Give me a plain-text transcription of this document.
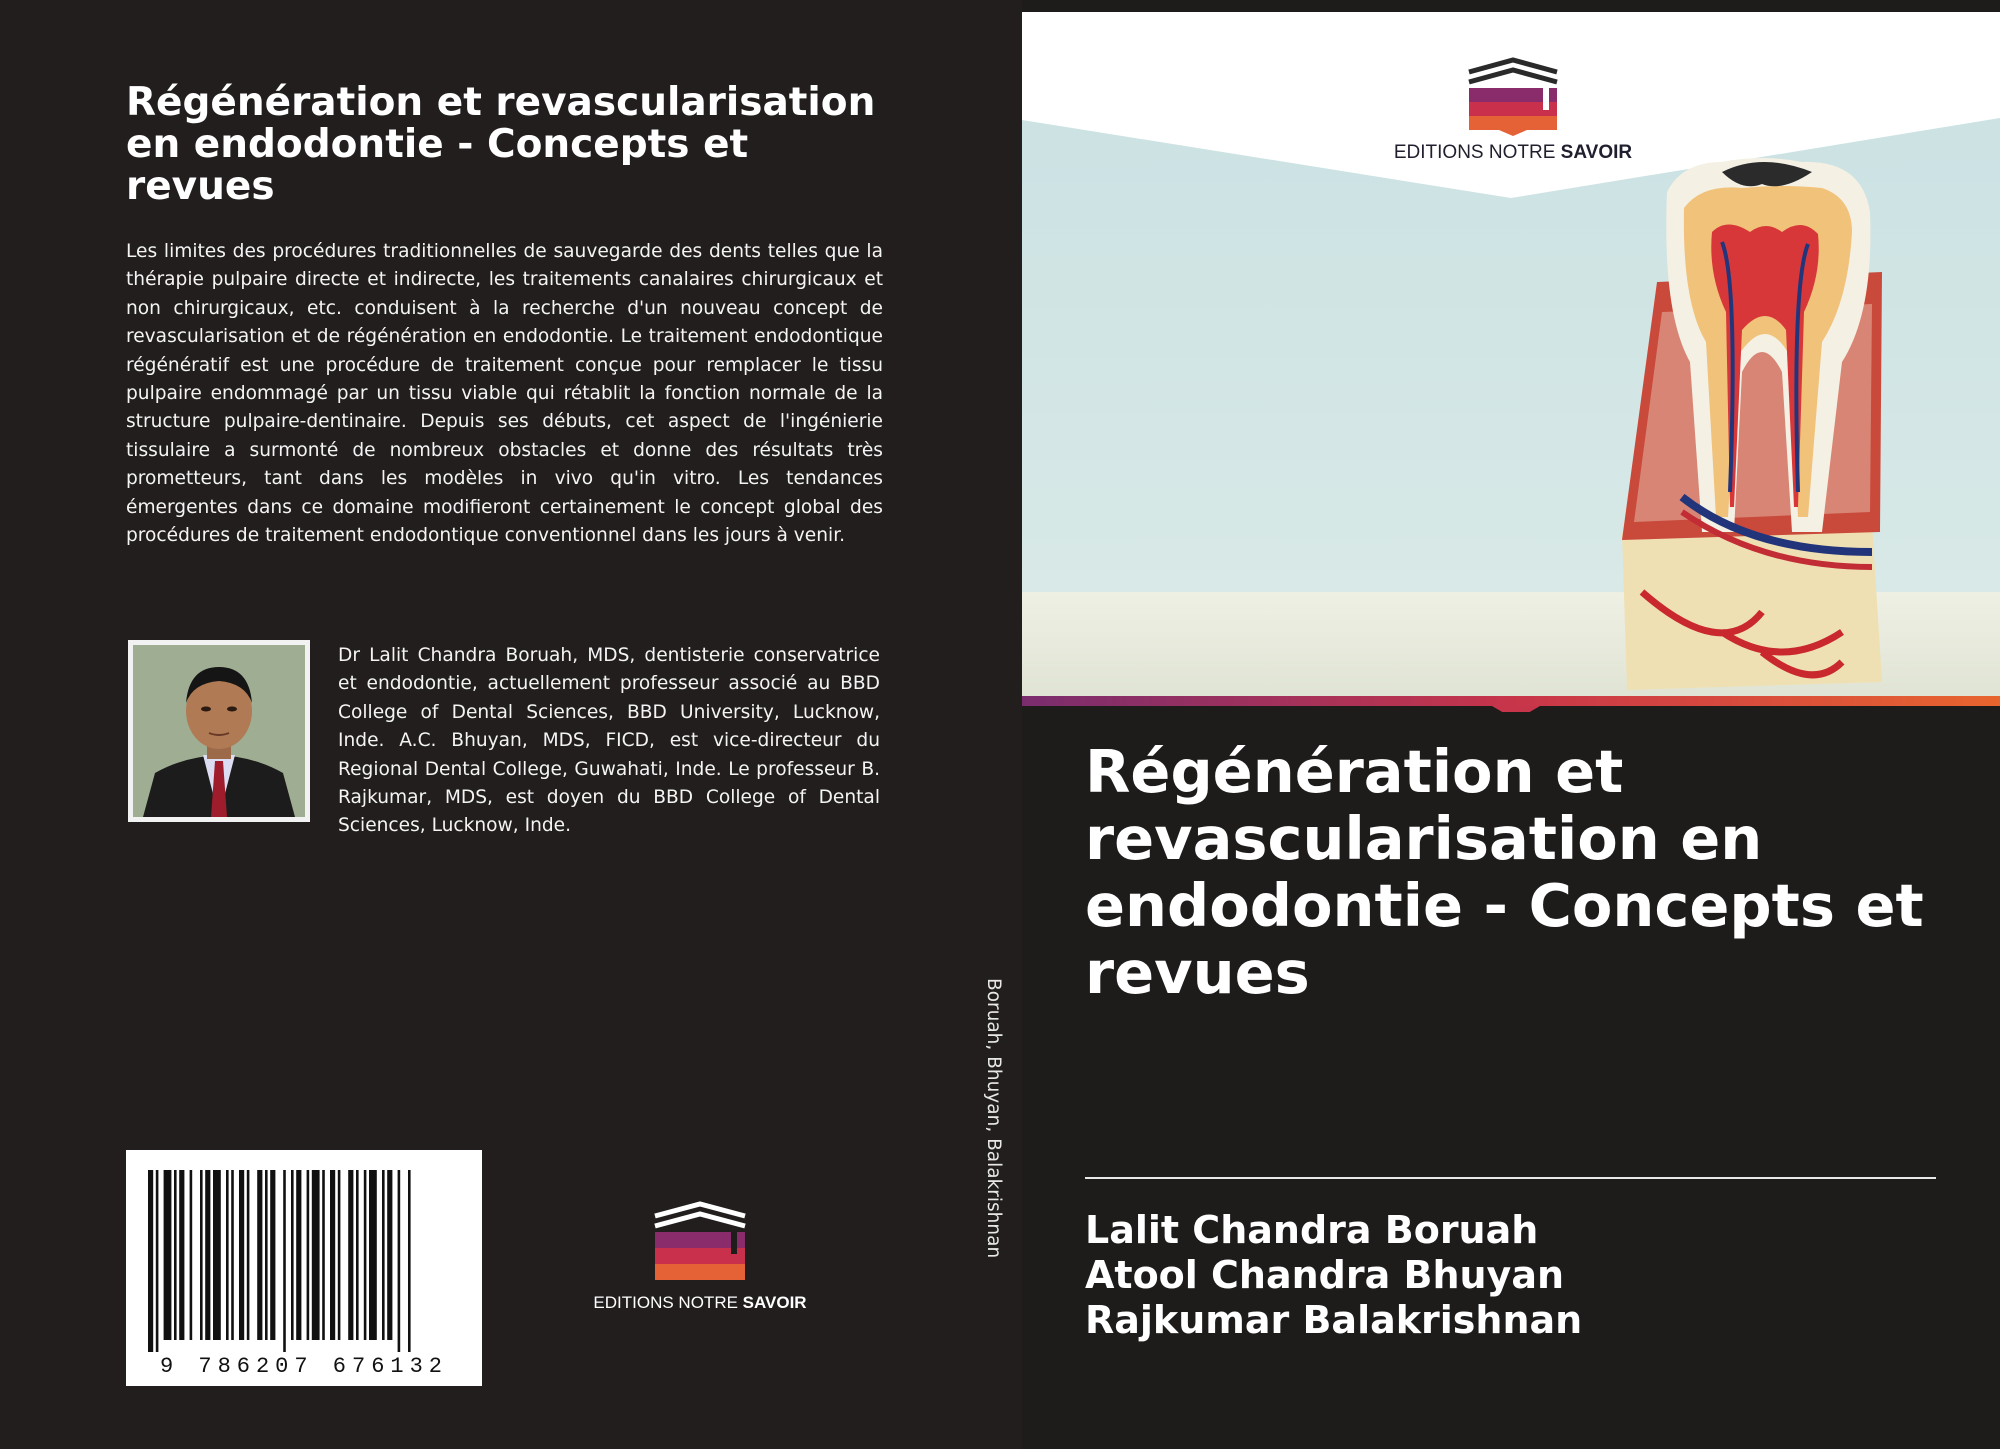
Régénération et revascularisation en endodontie - Concepts et revues

Les limites des procédures traditionnelles de sauvegarde des dents telles que la thérapie pulpaire directe et indirecte, les traitements canalaires chirurgicaux et non chirurgicaux, etc. conduisent à la recherche d'un nouveau concept de revascularisation et de régénération en endodontie. Le traitement endodontique régénératif est une procédure de traitement conçue pour remplacer le tissu pulpaire endommagé par un tissu viable qui rétablit la fonction normale de la structure pulpaire-dentinaire. Depuis ses débuts, cet aspect de l'ingénierie tissulaire a surmonté de nombreux obstacles et donne des résultats très prometteurs, tant dans les modèles in vivo qu'in vitro. Les tendances émergentes dans ce domaine modifieront certainement le concept global des procédures de traitement endodontique conventionnel dans les jours à venir.

Dr Lalit Chandra Boruah, MDS, dentisterie conservatrice et endodontie, actuellement professeur associé au BBD College of Dental Sciences, BBD University, Lucknow, Inde. A.C. Bhuyan, MDS, FICD, est vice-directeur du Regional Dental College, Guwahati, Inde. Le professeur B. Rajkumar, MDS, est doyen du BBD College of Dental Sciences, Lucknow, Inde.

9 786207 676132
EDITIONS NOTRE SAVOIR
Boruah, Bhuyan, Balakrishnan
EDITIONS NOTRE SAVOIR
Régénération et revascularisation en endodontie - Concepts et revues
Lalit Chandra Boruah
Atool Chandra Bhuyan
Rajkumar Balakrishnan
